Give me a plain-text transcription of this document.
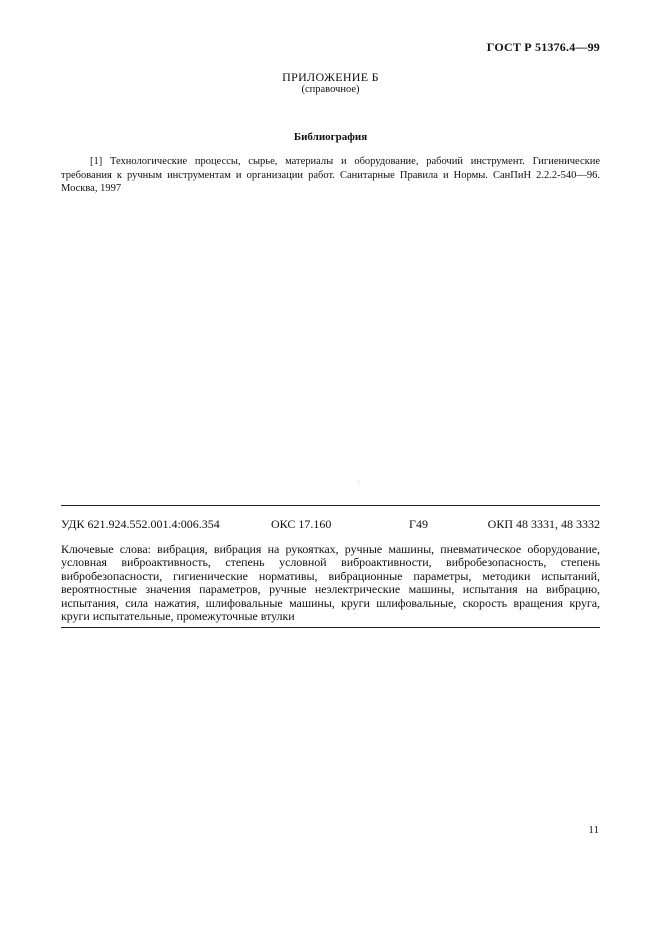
ГОСТ Р 51376.4—99
ПРИЛОЖЕНИЕ Б
(справочное)
Библиография
[1] Технологические процессы, сырье, материалы и оборудование, рабочий инструмент. Гигиенические требования к ручным инструментам и организации работ. Санитарные Правила и Нормы. СанПиН 2.2.2-540—96. Москва, 1997
УДК 621.924.552.001.4:006.354	ОКС 17.160	Г49	ОКП 48 3331, 48 3332
Ключевые слова: вибрация, вибрация на рукоятках, ручные машины, пневматическое оборудование, условная виброактивность, степень условной виброактивности, вибробезопасность, степень вибробезопасности, гигиенические нормативы, вибрационные параметры, методики испытаний, вероятностные значения параметров, ручные неэлектрические машины, испытания на вибрацию, испытания, сила нажатия, шлифовальные машины, круги шлифовальные, скорость вращения круга, круги испытательные, промежуточные втулки
11
